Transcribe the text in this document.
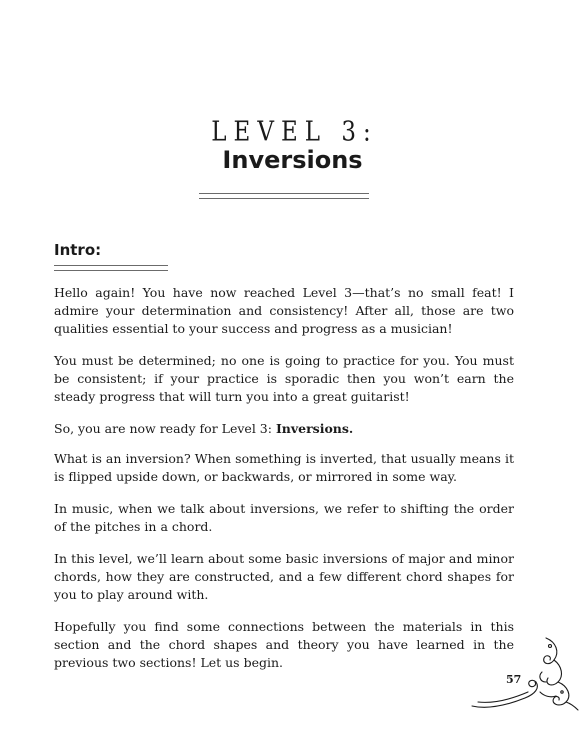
LEVEL 3:
Inversions
Intro:

Hello again! You have now reached Level 3—that’s no small feat! I admire your determination and consistency! After all, those are two qualities essential to your success and progress as a musician!

You must be determined; no one is going to practice for you. You must be consistent; if your practice is sporadic then you won’t earn the steady progress that will turn you into a great guitarist!

So, you are now ready for Level 3: Inversions.

What is an inversion? When something is inverted, that usually means it is flipped upside down, or backwards, or mirrored in some way.

In music, when we talk about inversions, we refer to shifting the order of the pitches in a chord.

In this level, we’ll learn about some basic inversions of major and minor chords, how they are constructed, and a few different chord shapes for you to play around with.

Hopefully you find some connections between the materials in this section and the chord shapes and theory you have learned in the previous two sections! Let us begin.

57
